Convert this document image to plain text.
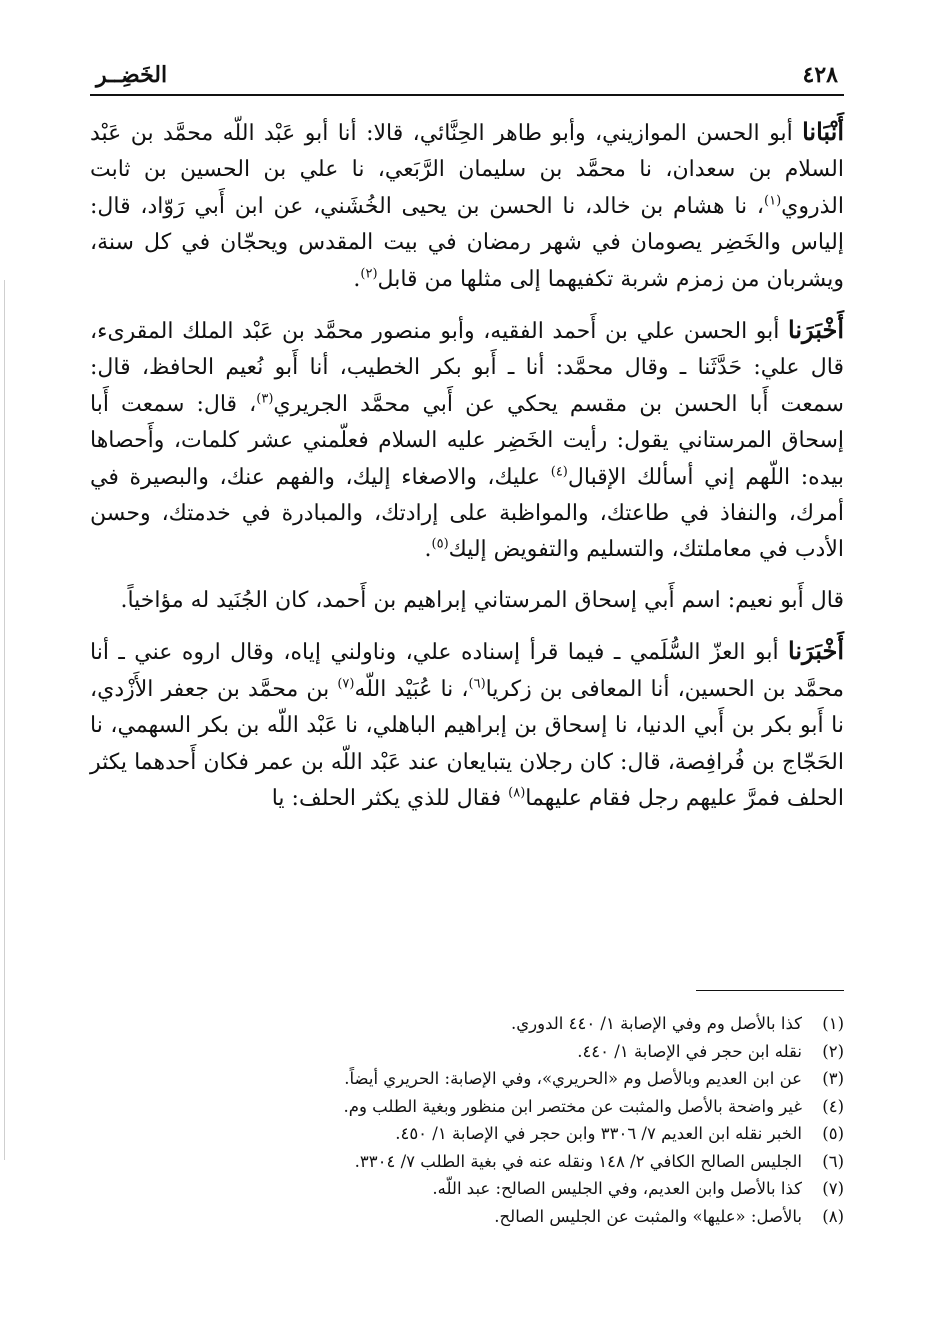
٤٢٨
الخَضِــر

أَنْبَانا أبو الحسن الموازيني، وأبو طاهر الحِنَّائي، قالا: أنا أبو عَبْد اللّه محمَّد بن عَبْد السلام بن سعدان، نا محمَّد بن سليمان الرَّبَعي، نا علي بن الحسين بن ثابت الذروي$^{(١)}$، نا هشام بن خالد، نا الحسن بن يحيى الخُشَني، عن ابن أَبي رَوّاد، قال: إلياس والخَضِر يصومان في شهر رمضان في بيت المقدس ويحجّان في كل سنة، ويشربان من زمزم شربة تكفيهما إلى مثلها من قابل$^{(٢)}$.

أَخْبَرَنا أبو الحسن علي بن أَحمد الفقيه، وأبو منصور محمَّد بن عَبْد الملك المقرىء، قال علي: حَدَّثَنا ـ وقال محمَّد: أنا ـ أَبو بكر الخطيب، أنا أَبو نُعيم الحافظ، قال: سمعت أَبا الحسن بن مقسم يحكي عن أَبي محمَّد الجريري$^{(٣)}$، قال: سمعت أَبا إسحاق المرستاني يقول: رأيت الخَضِر عليه السلام فعلّمني عشر كلمات، وأَحصاها بيده: اللّهم إني أسألك الإقبال$^{(٤)}$ عليك، والاصغاء إليك، والفهم عنك، والبصيرة في أمرك، والنفاذ في طاعتك، والمواظبة على إرادتك، والمبادرة في خدمتك، وحسن الأدب في معاملتك، والتسليم والتفويض إليك$^{(٥)}$.

قال أَبو نعيم: اسم أَبي إسحاق المرستاني إبراهيم بن أَحمد، كان الجُنَيد له مؤاخياً.

أَخْبَرَنا أبو العزّ السُّلَمي ـ فيما قرأ إسناده علي، وناولني إياه، وقال اروه عني ـ أنا محمَّد بن الحسين، أنا المعافى بن زكريا$^{(٦)}$، نا عُبَيْد اللّه$^{(٧)}$ بن محمَّد بن جعفر الأَزْدي، نا أَبو بكر بن أَبي الدنيا، نا إسحاق بن إبراهيم الباهلي، نا عَبْد اللّه بن بكر السهمي، نا الحَجّاج بن فُرافِصة، قال: كان رجلان يتبايعان عند عَبْد اللّه بن عمر فكان أَحدهما يكثر الحلف فمرَّ عليهم رجل فقام عليهما$^{(٨)}$ فقال للذي يكثر الحلف: يا

(١)
كذا بالأصل وم وفي الإصابة ١/ ٤٤٠ الدوري.
(٢)
نقله ابن حجر في الإصابة ١/ ٤٤٠.
(٣)
عن ابن العديم وبالأصل وم «الحريري»، وفي الإصابة: الحريري أيضاً.
(٤)
غير واضحة بالأصل والمثبت عن مختصر ابن منظور وبغية الطلب وم.
(٥)
الخبر نقله ابن العديم ٧/ ٣٣٠٦ وابن حجر في الإصابة ١/ ٤٥٠.
(٦)
الجليس الصالح الكافي ٢/ ١٤٨ ونقله عنه في بغية الطلب ٧/ ٣٣٠٤.
(٧)
كذا بالأصل وابن العديم، وفي الجليس الصالح: عبد اللّه.
(٨)
بالأصل: «عليها» والمثبت عن الجليس الصالح.
